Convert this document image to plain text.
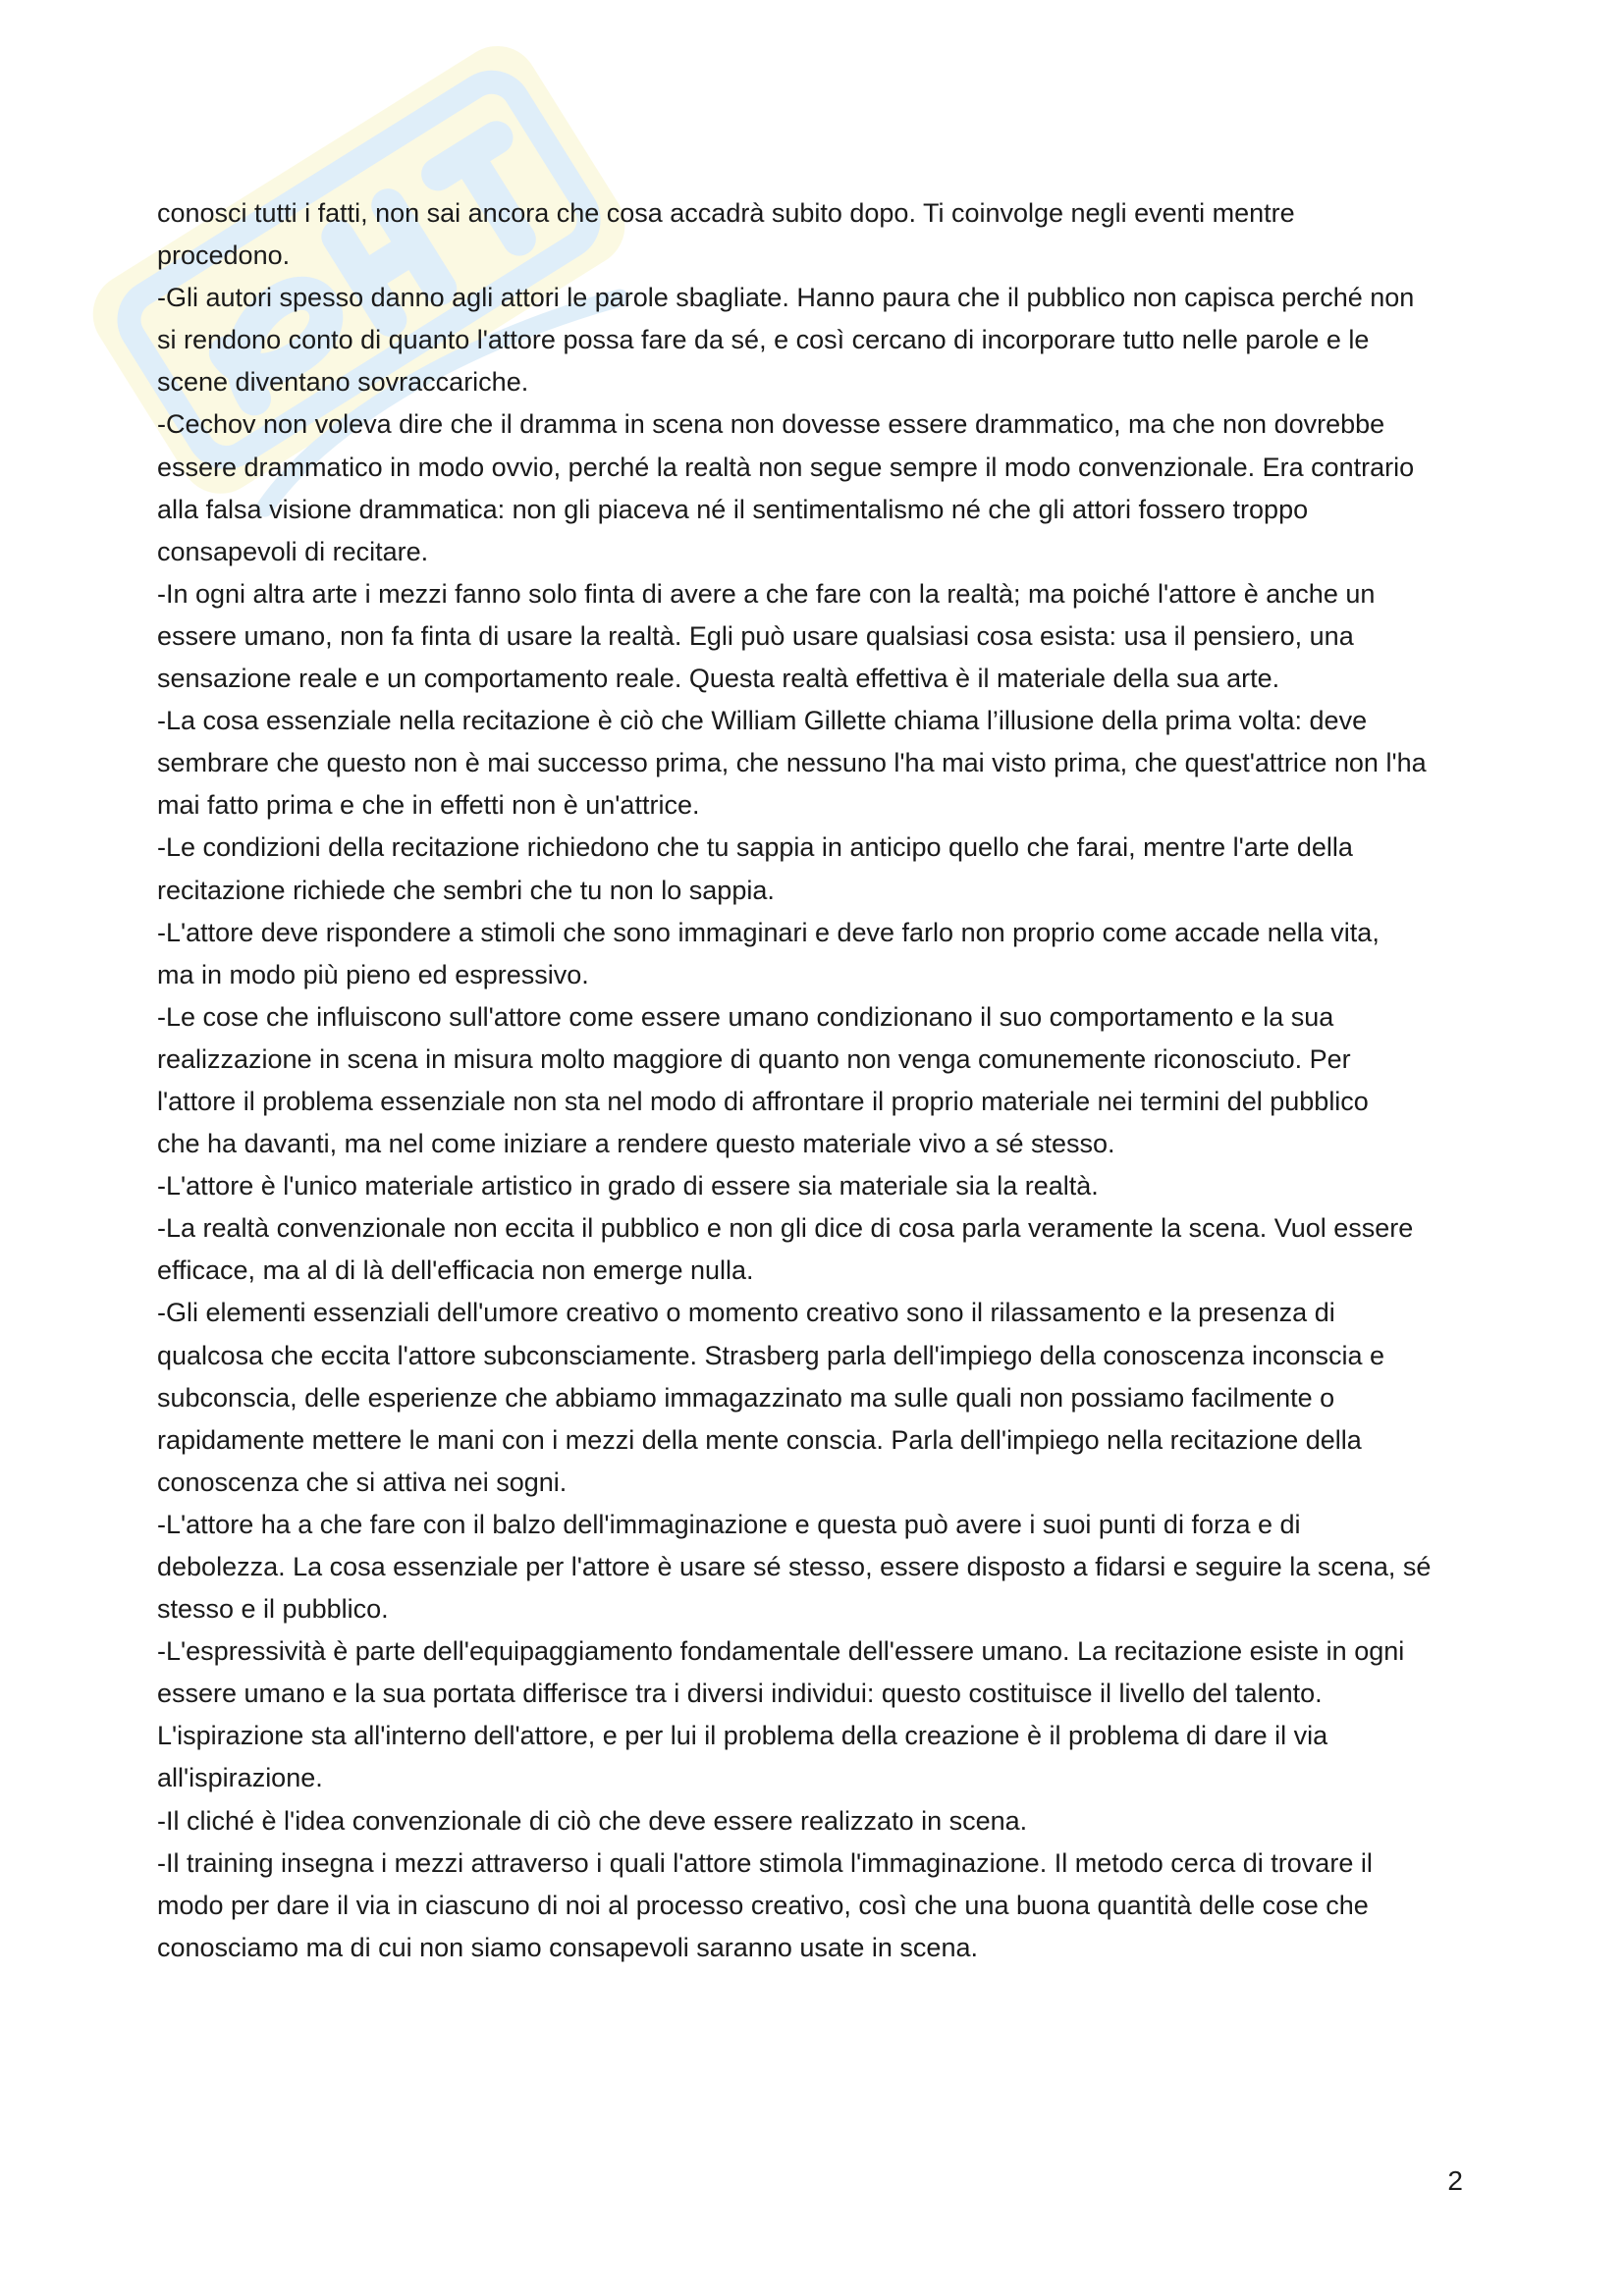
conosci tutti i fatti, non sai ancora che cosa accadrà subito dopo. Ti coinvolge negli eventi mentre
procedono.
-Gli autori spesso danno agli attori le parole sbagliate. Hanno paura che il pubblico non capisca perché non
si rendono conto di quanto l'attore possa fare da sé, e così cercano di incorporare tutto nelle parole e le
scene diventano sovraccariche.
-Cechov non voleva dire che il dramma in scena non dovesse essere drammatico, ma che non dovrebbe
essere drammatico in modo ovvio, perché la realtà non segue sempre il modo convenzionale. Era contrario
alla falsa visione drammatica: non gli piaceva né il sentimentalismo né che gli attori fossero troppo
consapevoli di recitare.
-In ogni altra arte i mezzi fanno solo finta di avere a che fare con la realtà; ma poiché l'attore è anche un
essere umano, non fa finta di usare la realtà. Egli può usare qualsiasi cosa esista: usa il pensiero, una
sensazione reale e un comportamento reale. Questa realtà effettiva è il materiale della sua arte.
-La cosa essenziale nella recitazione è ciò che William Gillette chiama l’illusione della prima volta: deve
sembrare che questo non è mai successo prima, che nessuno l'ha mai visto prima, che quest'attrice non l'ha
mai fatto prima e che in effetti non è un'attrice.
-Le condizioni della recitazione richiedono che tu sappia in anticipo quello che farai, mentre l'arte della
recitazione richiede che sembri che tu non lo sappia.
-L'attore deve rispondere a stimoli che sono immaginari e deve farlo non proprio come accade nella vita,
ma in modo più pieno ed espressivo.
-Le cose che influiscono sull'attore come essere umano condizionano il suo comportamento e la sua
realizzazione in scena in misura molto maggiore di quanto non venga comunemente riconosciuto. Per
l'attore il problema essenziale non sta nel modo di affrontare il proprio materiale nei termini del pubblico
che ha davanti, ma nel come iniziare a rendere questo materiale vivo a sé stesso.
-L'attore è l'unico materiale artistico in grado di essere sia materiale sia la realtà.
-La realtà convenzionale non eccita il pubblico e non gli dice di cosa parla veramente la scena. Vuol essere
efficace, ma al di là dell'efficacia non emerge nulla.
-Gli elementi essenziali dell'umore creativo o momento creativo sono il rilassamento e la presenza di
qualcosa che eccita l'attore subconsciamente. Strasberg parla dell'impiego della conoscenza inconscia e
subconscia, delle esperienze che abbiamo immagazzinato ma sulle quali non possiamo facilmente o
rapidamente mettere le mani con i mezzi della mente conscia. Parla dell'impiego nella recitazione della
conoscenza che si attiva nei sogni.
-L'attore ha a che fare con il balzo dell'immaginazione e questa può avere i suoi punti di forza e di
debolezza. La cosa essenziale per l'attore è usare sé stesso, essere disposto a fidarsi e seguire la scena, sé
stesso e il pubblico.
-L'espressività è parte dell'equipaggiamento fondamentale dell'essere umano. La recitazione esiste in ogni
essere umano e la sua portata differisce tra i diversi individui: questo costituisce il livello del talento.
L'ispirazione sta all'interno dell'attore, e per lui il problema della creazione è il problema di dare il via
all'ispirazione.
-Il cliché è l'idea convenzionale di ciò che deve essere realizzato in scena.
-Il training insegna i mezzi attraverso i quali l'attore stimola l'immaginazione. Il metodo cerca di trovare il
modo per dare il via in ciascuno di noi al processo creativo, così che una buona quantità delle cose che
conosciamo ma di cui non siamo consapevoli saranno usate in scena.
2
